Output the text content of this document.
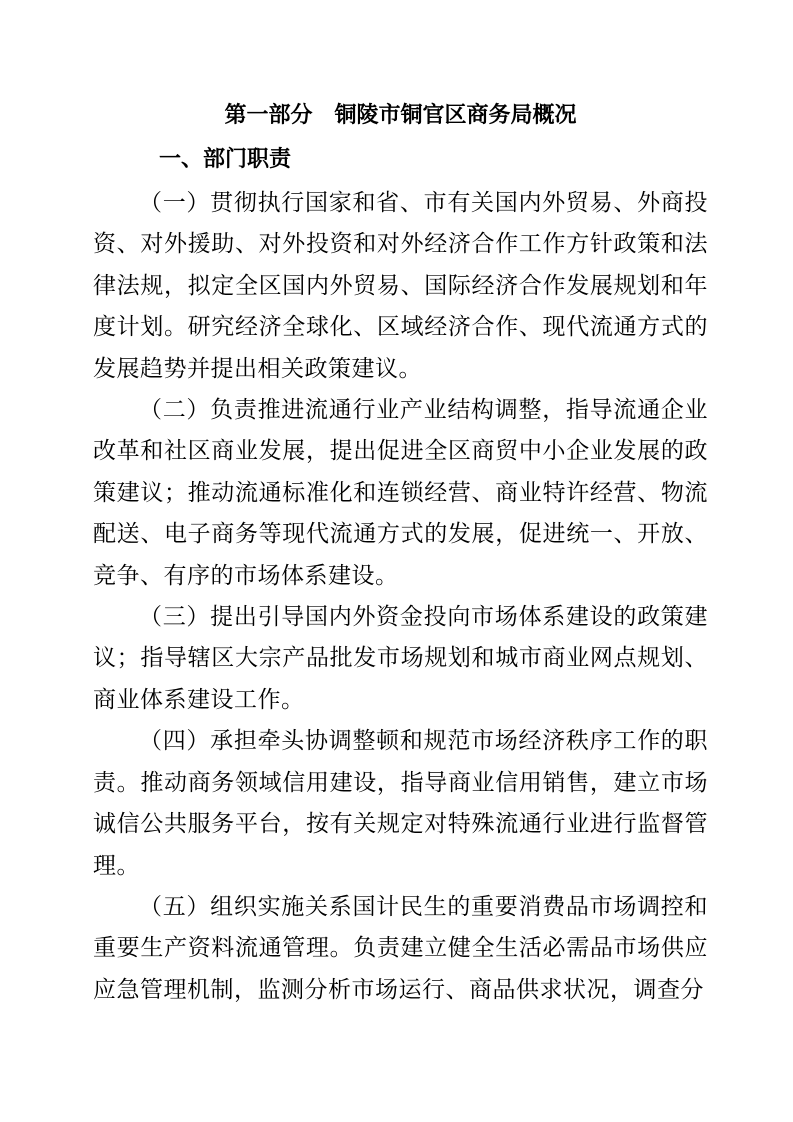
第一部分　铜陵市铜官区商务局概况
一、部门职责

（一）贯彻执行国家和省、市有关国内外贸易、外商投资、对外援助、对外投资和对外经济合作工作方针政策和法律法规，拟定全区国内外贸易、国际经济合作发展规划和年度计划。研究经济全球化、区域经济合作、现代流通方式的发展趋势并提出相关政策建议。

（二）负责推进流通行业产业结构调整，指导流通企业改革和社区商业发展，提出促进全区商贸中小企业发展的政策建议；推动流通标准化和连锁经营、商业特许经营、物流配送、电子商务等现代流通方式的发展，促进统一、开放、竞争、有序的市场体系建设。

（三）提出引导国内外资金投向市场体系建设的政策建议；指导辖区大宗产品批发市场规划和城市商业网点规划、商业体系建设工作。

（四）承担牵头协调整顿和规范市场经济秩序工作的职责。推动商务领域信用建设，指导商业信用销售，建立市场诚信公共服务平台，按有关规定对特殊流通行业进行监督管理。

（五）组织实施关系国计民生的重要消费品市场调控和重要生产资料流通管理。负责建立健全生活必需品市场供应应急管理机制，监测分析市场运行、商品供求状况，调查分
